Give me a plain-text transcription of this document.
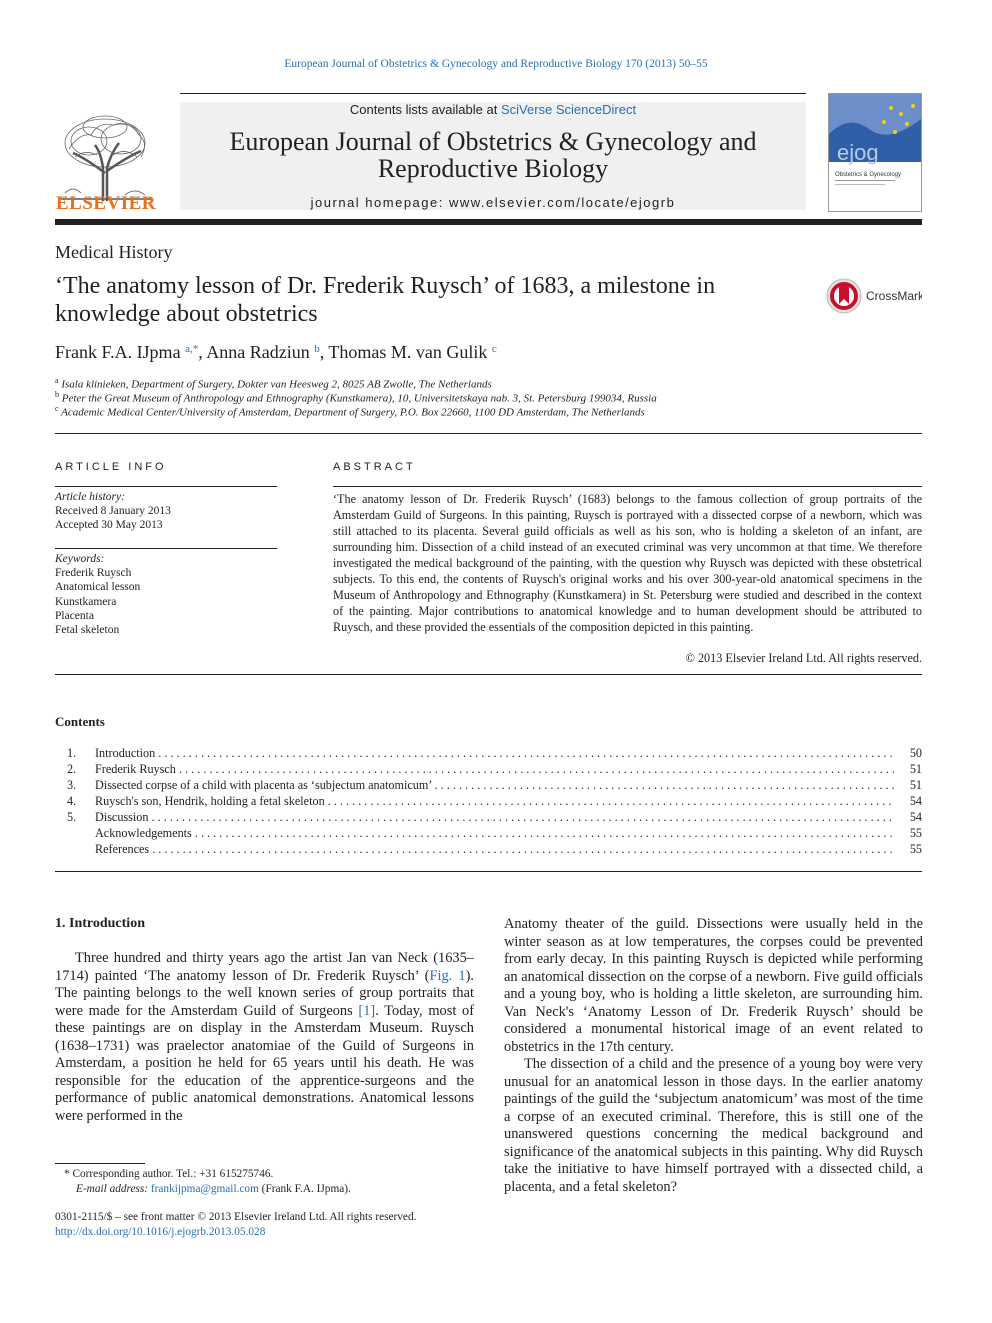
European Journal of Obstetrics & Gynecology and Reproductive Biology 170 (2013) 50–55
ELSEVIER
Contents lists available at SciVerse ScienceDirect
European Journal of Obstetrics & Gynecology and
Reproductive Biology
journal homepage: www.elsevier.com/locate/ejogrb
ejog
Obstetrics & Gynecology
Medical History
‘The anatomy lesson of Dr. Frederik Ruysch’ of 1683, a milestone in
knowledge about obstetrics
CrossMark
Frank F.A. IJpma $^{a,*}$, Anna Radziun $^b$, Thomas M. van Gulik $^c$
$^a$ Isala klinieken, Department of Surgery, Dokter van Heesweg 2, 8025 AB Zwolle, The Netherlands
$^b$ Peter the Great Museum of Anthropology and Ethnography (Kunstkamera), 10, Universitetskaya nab. 3, St. Petersburg 199034, Russia
$^c$ Academic Medical Center/University of Amsterdam, Department of Surgery, P.O. Box 22660, 1100 DD Amsterdam, The Netherlands
ARTICLE INFO
Article history:
Received 8 January 2013
Accepted 30 May 2013
Keywords:
Frederik Ruysch
Anatomical lesson
Kunstkamera
Placenta
Fetal skeleton
ABSTRACT
‘The anatomy lesson of Dr. Frederik Ruysch’ (1683) belongs to the famous collection of group portraits of the Amsterdam Guild of Surgeons. In this painting, Ruysch is portrayed with a dissected corpse of a newborn, which was still attached to its placenta. Several guild officials as well as his son, who is holding a skeleton of an infant, are surrounding him. Dissection of a child instead of an executed criminal was very uncommon at that time. We therefore investigated the medical background of the painting, with the question why Ruysch was depicted with these obstetrical subjects. To this end, the contents of Ruysch's original works and his over 300-year-old anatomical specimens in the Museum of Anthropology and Ethnography (Kunstkamera) in St. Petersburg were studied and described in the context of the painting. Major contributions to anatomical knowledge and to human development should be attributed to Ruysch, and these provided the essentials of the composition depicted in this painting.
© 2013 Elsevier Ireland Ltd. All rights reserved.
Contents
1. Introduction . . .	50
2. Frederik Ruysch . . .	51
3. Dissected corpse of a child with placenta as ‘subjectum anatomicum’ . . .	51
4. Ruysch's son, Hendrik, holding a fetal skeleton . . .	54
5. Discussion . . .	54
Acknowledgements . . .	55
References . . .	55
1. Introduction

Three hundred and thirty years ago the artist Jan van Neck (1635–1714) painted ‘The anatomy lesson of Dr. Frederik Ruysch’ (Fig. 1). The painting belongs to the well known series of group portraits that were made for the Amsterdam Guild of Surgeons [1]. Today, most of these paintings are on display in the Amsterdam Museum. Ruysch (1638–1731) was praelector anatomiae of the Guild of Surgeons in Amsterdam, a position he held for 65 years until his death. He was responsible for the education of the apprentice-surgeons and the performance of public anatomical demonstrations. Anatomical lessons were performed in the

Anatomy theater of the guild. Dissections were usually held in the winter season as at low temperatures, the corpses could be prevented from early decay. In this painting Ruysch is depicted while performing an anatomical dissection on the corpse of a newborn. Five guild officials and a young boy, who is holding a little skeleton, are surrounding him. Van Neck's ‘Anatomy Lesson of Dr. Frederik Ruysch’ should be considered a monumental historical image of an event related to obstetrics in the 17th century.

The dissection of a child and the presence of a young boy were very unusual for an anatomical lesson in those days. In the earlier anatomy paintings of the guild the ‘subjectum anatomicum’ was most of the time a corpse of an executed criminal. Therefore, this is still one of the unanswered questions concerning the medical background and significance of the anatomical subjects in this painting. Why did Ruysch take the initiative to have himself portrayed with a dissected child, a placenta, and a fetal skeleton?

* Corresponding author. Tel.: +31 615275746.
E-mail address: frankijpma@gmail.com (Frank F.A. IJpma).
0301-2115/$ – see front matter © 2013 Elsevier Ireland Ltd. All rights reserved.
http://dx.doi.org/10.1016/j.ejogrb.2013.05.028
